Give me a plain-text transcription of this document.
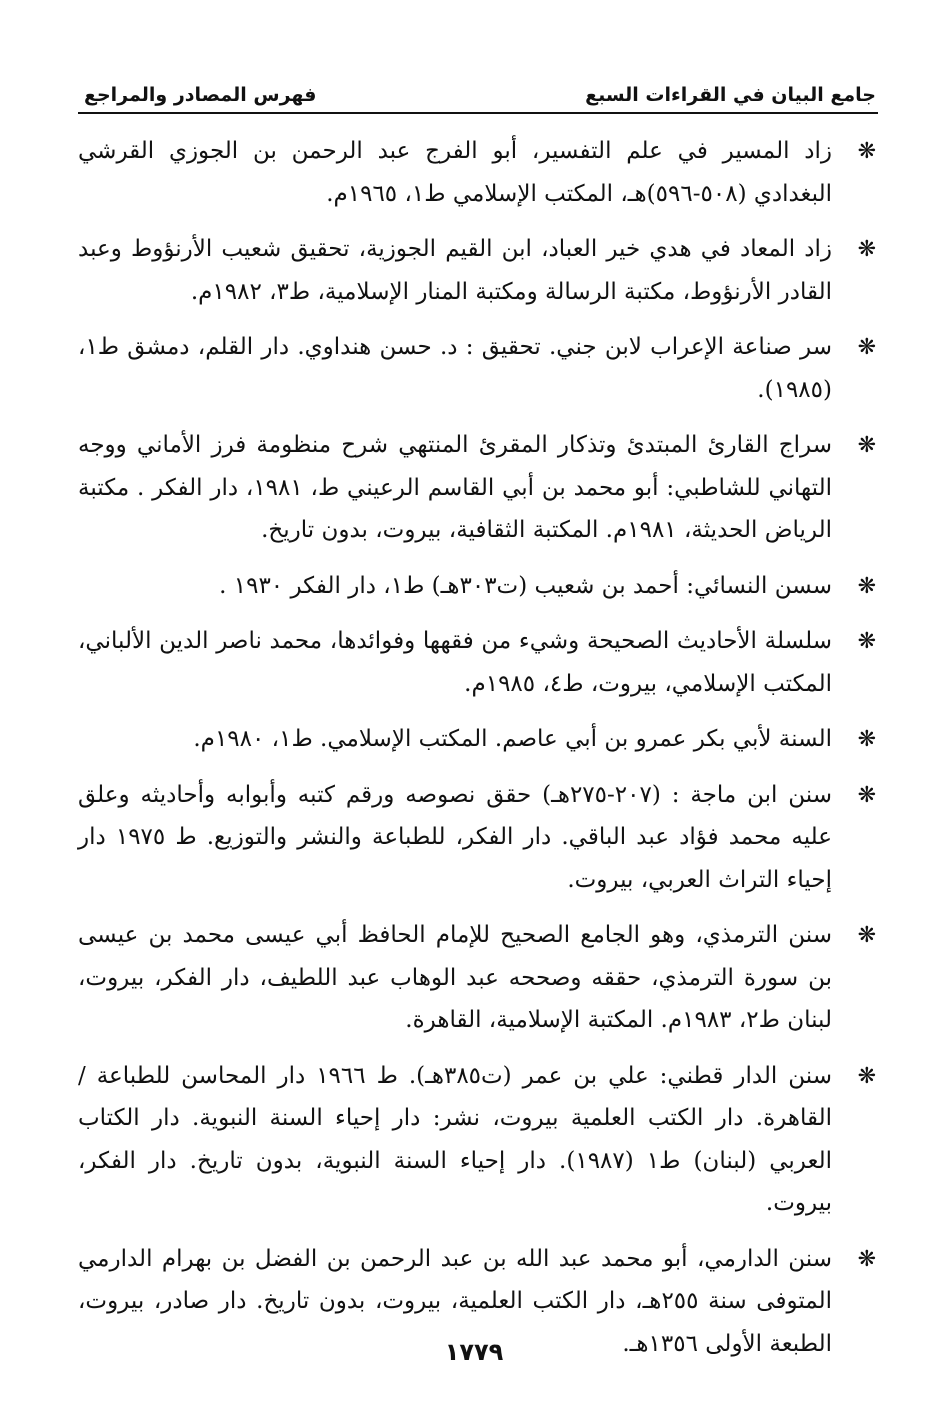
جامع البيان في القراءات السبع
فهرس المصادر والمراجع
❋
زاد المسير في علم التفسير، أبو الفرج عبد الرحمن بن الجوزي القرشي البغدادي (٥٠٨-٥٩٦)هـ، المكتب الإسلامي ط١، ١٩٦٥م.
❋
زاد المعاد في هدي خير العباد، ابن القيم الجوزية، تحقيق شعيب الأرنؤوط وعبد القادر الأرنؤوط، مكتبة الرسالة ومكتبة المنار الإسلامية، ط٣، ١٩٨٢م.
❋
سر صناعة الإعراب لابن جني. تحقيق : د. حسن هنداوي. دار القلم، دمشق ط١، (١٩٨٥).
❋
سراج القارئ المبتدئ وتذكار المقرئ المنتهي شرح منظومة فرز الأماني ووجه التهاني للشاطبي: أبو محمد بن أبي القاسم الرعيني ط، ١٩٨١، دار الفكر . مكتبة الرياض الحديثة، ١٩٨١م. المكتبة الثقافية، بيروت، بدون تاريخ.
❋
سسن النسائي: أحمد بن شعيب (ت٣٠٣هـ) ط١، دار الفكر ١٩٣٠ .
❋
سلسلة الأحاديث الصحيحة وشيء من فقهها وفوائدها، محمد ناصر الدين الألباني، المكتب الإسلامي، بيروت، ط٤، ١٩٨٥م.
❋
السنة لأبي بكر عمرو بن أبي عاصم. المكتب الإسلامي. ط١، ١٩٨٠م.
❋
سنن ابن ماجة : (٢٠٧-٢٧٥هـ) حقق نصوصه ورقم كتبه وأبوابه وأحاديثه وعلق عليه محمد فؤاد عبد الباقي. دار الفكر، للطباعة والنشر والتوزيع. ط ١٩٧٥ دار إحياء التراث العربي، بيروت.
❋
سنن الترمذي، وهو الجامع الصحيح للإمام الحافظ أبي عيسى محمد بن عيسى بن سورة الترمذي، حققه وصححه عبد الوهاب عبد اللطيف، دار الفكر، بيروت، لبنان ط٢، ١٩٨٣م. المكتبة الإسلامية، القاهرة.
❋
سنن الدار قطني: علي بن عمر (ت٣٨٥هـ). ط ١٩٦٦ دار المحاسن للطباعة / القاهرة. دار الكتب العلمية بيروت، نشر: دار إحياء السنة النبوية. دار الكتاب العربي (لبنان) ط١ (١٩٨٧). دار إحياء السنة النبوية، بدون تاريخ. دار الفكر، بيروت.
❋
سنن الدارمي، أبو محمد عبد الله بن عبد الرحمن بن الفضل بن بهرام الدارمي المتوفى سنة ٢٥٥هـ، دار الكتب العلمية، بيروت، بدون تاريخ. دار صادر، بيروت، الطبعة الأولى ١٣٥٦هـ.
١٧٧٩
